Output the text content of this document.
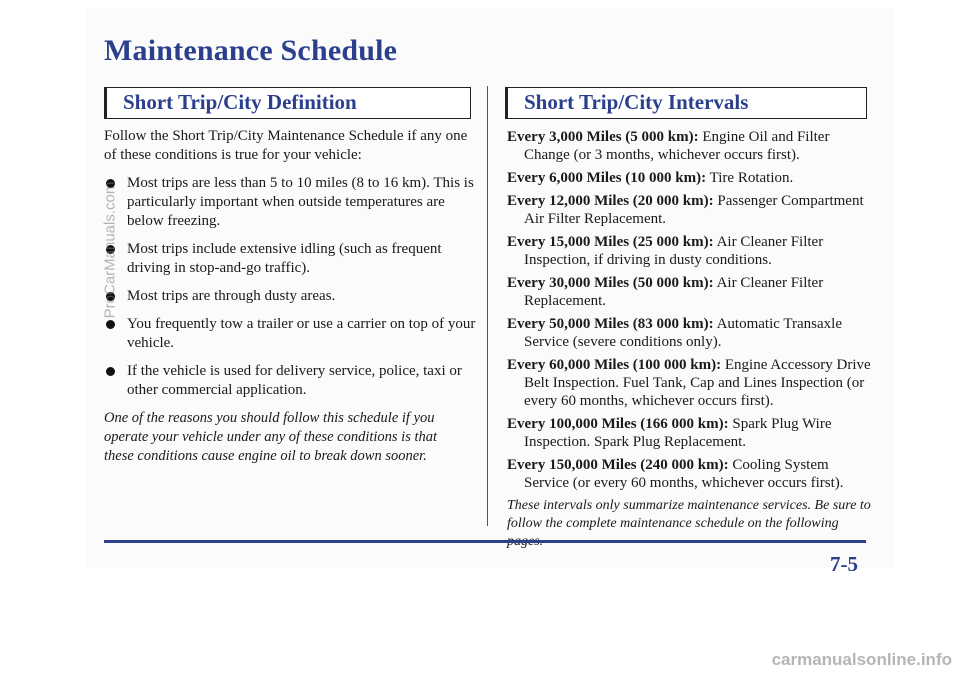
Maintenance Schedule
Short Trip/City Definition	Short Trip/City Intervals

Follow the Short Trip/City Maintenance Schedule if any one of these conditions is true for your vehicle:

Most trips are less than 5 to 10 miles (8 to 16 km). This is particularly important when outside temperatures are below freezing.
Most trips include extensive idling (such as frequent driving in stop-and-go traffic).
Most trips are through dusty areas.
You frequently tow a trailer or use a carrier on top of your vehicle.
If the vehicle is used for delivery service, police, taxi or other commercial application.

One of the reasons you should follow this schedule if you operate your vehicle under any of these conditions is that these conditions cause engine oil to break down sooner.

Every 3,000 Miles (5 000 km): Engine Oil and Filter Change (or 3 months, whichever occurs first).

Every 6,000 Miles (10 000 km): Tire Rotation.

Every 12,000 Miles (20 000 km): Passenger Compartment Air Filter Replacement.

Every 15,000 Miles (25 000 km): Air Cleaner Filter Inspection, if driving in dusty conditions.

Every 30,000 Miles (50 000 km): Air Cleaner Filter Replacement.

Every 50,000 Miles (83 000 km): Automatic Transaxle Service (severe conditions only).

Every 60,000 Miles (100 000 km): Engine Accessory Drive Belt Inspection. Fuel Tank, Cap and Lines Inspection (or every 60 months, whichever occurs first).

Every 100,000 Miles (166 000 km): Spark Plug Wire Inspection. Spark Plug Replacement.

Every 150,000 Miles (240 000 km): Cooling System Service (or every 60 months, whichever occurs first).

These intervals only summarize maintenance services. Be sure to follow the complete maintenance schedule on the following

7-5
ProCarManuals.com
carmanualsonline.info
